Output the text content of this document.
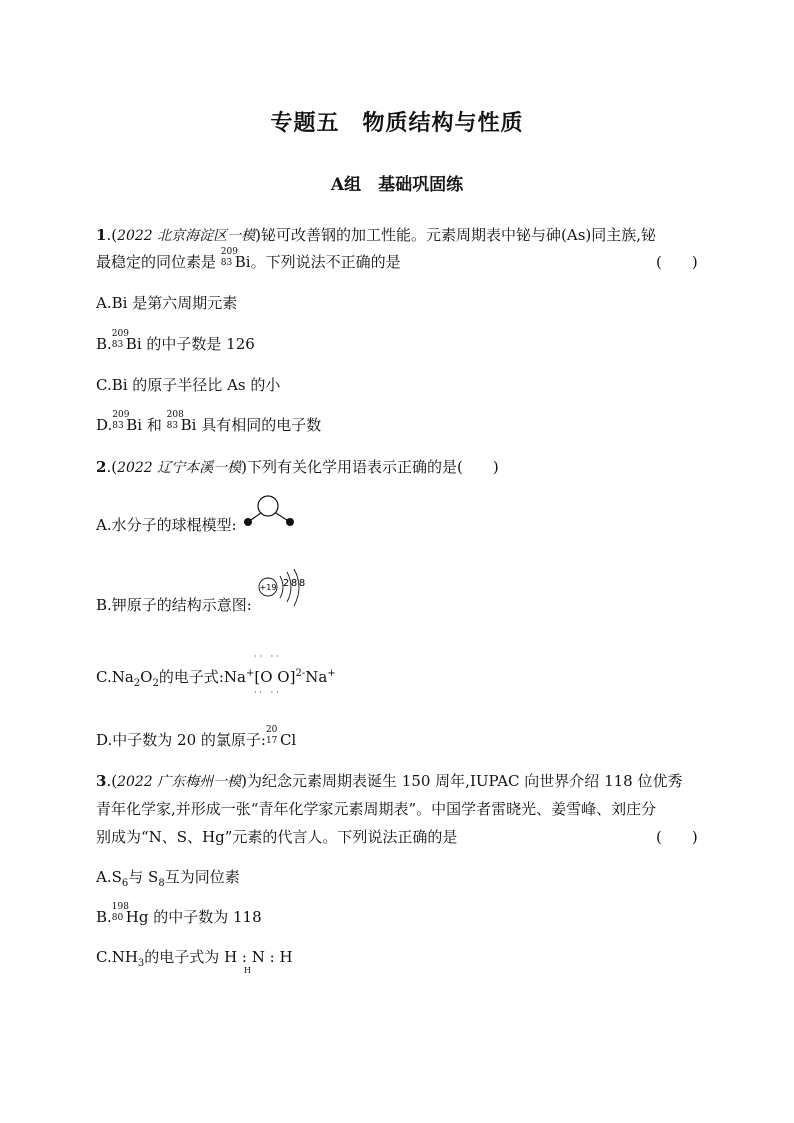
专题五　物质结构与性质
A组　基础巩固练
1.(2022 北京海淀区一模)铋可改善钢的加工性能。元素周期表中铋与砷(As)同主族,铋
最稳定的同位素是
209
83 Bi。下列说法不正确的是	(　　)
A.Bi 是第六周期元素
B.
209
83 Bi 的中子数是 126
C.Bi 的原子半径比 As 的小
D.
209
83 Bi 和
208
83 Bi 具有相同的电子数
2.(2022 辽宁本溪一模)下列有关化学用语表示正确的是(　　)
A.水分子的球棍模型:
B.钾原子的结构示意图:
+19 2 8 8
$C.Na_2O_2$的电子式:Na+[O O]$^{2-}$Na+
·· ··
·· ··
D.中子数为 20 的氯原子:
20
17 Cl
3.(2022 广东梅州一模)为纪念元素周期表诞生 150 周年,IUPAC 向世界介绍 118 位优秀
青年化学家,并形成一张“青年化学家元素周期表”。中国学者雷晓光、姜雪峰、刘庄分
别成为“N、S、Hg”元素的代言人。下列说法正确的是	(　　)
$A.S_6$与 $S_8$互为同位素
B.
198
80 Hg 的中子数为 118
$C.NH_3$的电子式为 H : N : H
H
